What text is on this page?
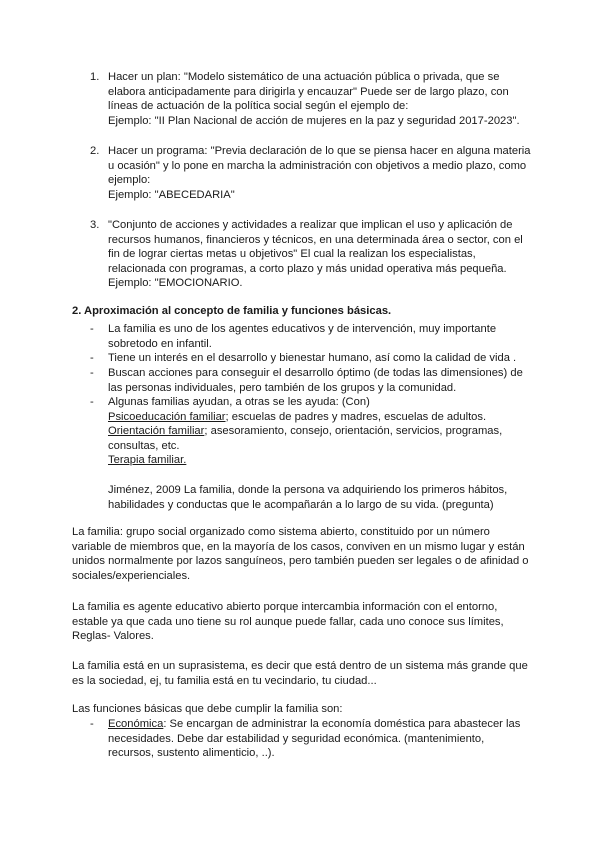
1. Hacer un plan: "Modelo sistemático de una actuación pública o privada, que se
elabora anticipadamente para dirigirla y encauzar" Puede ser de largo plazo, con
líneas de actuación de la política social según el ejemplo de:
Ejemplo: "II Plan Nacional de acción de mujeres en la paz y seguridad 2017-2023".
2. Hacer un programa: "Previa declaración de lo que se piensa hacer en alguna materia
u ocasión" y lo pone en marcha la administración con objetivos a medio plazo, como
ejemplo:
Ejemplo: "ABECEDARIA"
3. "Conjunto de acciones y actividades a realizar que implican el uso y aplicación de
recursos humanos, financieros y técnicos, en una determinada área o sector, con el
fin de lograr ciertas metas u objetivos" El cual la realizan los especialistas,
relacionada con programas, a corto plazo y más unidad operativa más pequeña.
Ejemplo: "EMOCIONARIO.
2. Aproximación al concepto de familia y funciones básicas.
- La familia es uno de los agentes educativos y de intervención, muy importante
sobretodo en infantil.
- Tiene un interés en el desarrollo y bienestar humano, así como la calidad de vida .
- Buscan acciones para conseguir el desarrollo óptimo (de todas las dimensiones) de
las personas individuales, pero también de los grupos y la comunidad.
- Algunas familias ayudan, a otras se les ayuda: (Con)
Psicoeducación familiar; escuelas de padres y madres, escuelas de adultos.
Orientación familiar; asesoramiento, consejo, orientación, servicios, programas,
consultas, etc.
Terapia familiar.
Jiménez, 2009 La familia, donde la persona va adquiriendo los primeros hábitos,
habilidades y conductas que le acompañarán a lo largo de su vida. (pregunta)
La familia: grupo social organizado como sistema abierto, constituido por un número
variable de miembros que, en la mayoría de los casos, conviven en un mismo lugar y están
unidos normalmente por lazos sanguíneos, pero también pueden ser legales o de afinidad o
sociales/experienciales.
La familia es agente educativo abierto porque intercambia información con el entorno,
estable ya que cada uno tiene su rol aunque puede fallar, cada uno conoce sus límites,
Reglas- Valores.
La familia está en un suprasistema, es decir que está dentro de un sistema más grande que
es la sociedad, ej, tu familia está en tu vecindario, tu ciudad...
Las funciones básicas que debe cumplir la familia son:
- Económica: Se encargan de administrar la economía doméstica para abastecer las
necesidades. Debe dar estabilidad y seguridad económica. (mantenimiento,
recursos, sustento alimenticio, ..).
